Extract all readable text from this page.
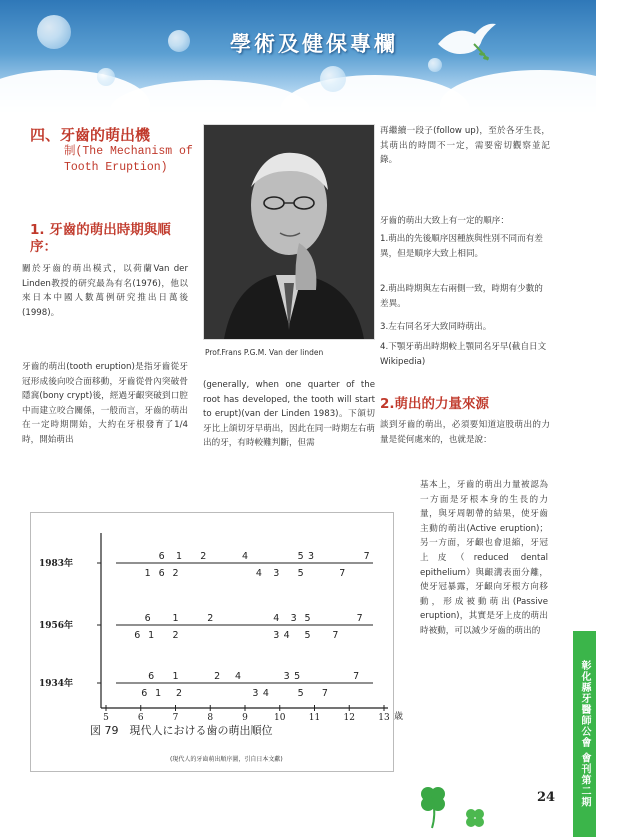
學術及健保專欄
四、牙齒的萌出機
制(The Mechanism of Tooth Eruption)
1. 牙齒的萌出時期與順序：
關於牙齒的萌出模式，以荷蘭Van der Linden教授的研究最為有名(1976)，他以來日本中國人數萬例研究推出日萬後(1998)。
牙齒的萌出(tooth eruption)是指牙齒從牙冠形成後向咬合面移動，牙齒從骨內突破骨隱窩(bony crypt)後，經過牙齦突破到口腔中而建立咬合關係，一般而言，牙齒的萌出在一定時期開始，大約在牙根發育了1/4時，開始萌出
Prof.Frans P.G.M. Van der linden
(generally, when one quarter of the root has developed, the tooth will start to erupt)(van der Linden 1983)。下頜切牙比上頜切牙早萌出，因此在同一時期左右萌出的牙，有時較難判斷，但需
再繼續一段子(follow up)，至於各牙生長，其萌出的時間不一定，需要密切觀察並記錄。
牙齒的萌出大致上有一定的順序：
1.萌出的先後順序因種族與性別不同而有差異，但是順序大致上相同。
2.萌出時期與左右兩側一致，時期有少數的差異。
3.左右同名牙大致同時萌出。
4.下顎牙萌出時期較上顎同名牙早(截自日文Wikipedia)
2.萌出的力量來源
談到牙齒的萌出，必須要知道這股萌出的力量是從何處來的，也就是說：
基本上，牙齒的萌出力量被認為一方面是牙根本身的生長的力量，與牙周韌帶的結果，使牙齒主動的萌出(Active eruption)；另一方面，牙齦也會退縮，牙冠上皮（reduced dental epithelium）與齦溝表面分離，使牙冠暴露，牙齦向牙根方向移動，形成被動萌出(Passive eruption)，其實是牙上皮的萌出時被動，可以減少牙齒的萌出的
5	6	7	8	9	10	11	12	13 歳
1983年
6 1 2	4	5 3	7
1 6 2	4 3 5	7
1956年
6 1	2	4 3 5	7
6 1 2	3 4 5 7
1934年
6 1	2 4	3 5	7
6 1 2	3 4	5 7
図 79　現代人における歯の萌出順位
(現代人的牙齒萌出順序圖，引自日本文獻)	彰化縣牙醫師公會 會刊第二期
24
